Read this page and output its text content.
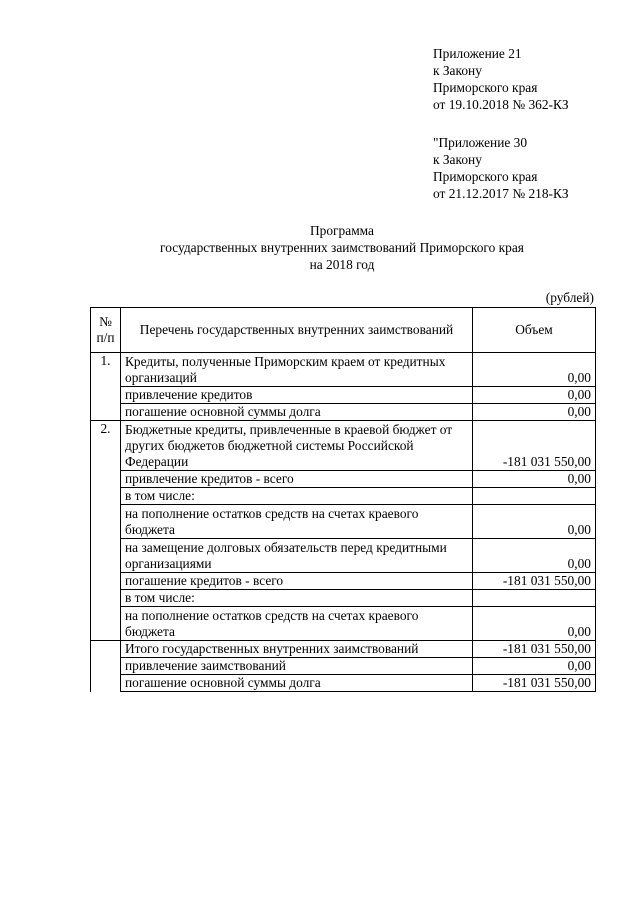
Приложение 21
к Закону
Приморского края
от 19.10.2018 № 362-КЗ
"Приложение 30
к Закону
Приморского края
от 21.12.2017 № 218-КЗ
Программа
государственных внутренних заимствований Приморского края
на 2018 год
(рублей)
№ п/п	Перечень государственных внутренних заимствований	Объем
1.	Кредиты, полученные Приморским краем от кредитных организаций	0,00
	привлечение кредитов	0,00
	погашение основной суммы долга	0,00
2.	Бюджетные кредиты, привлеченные в краевой бюджет от других бюджетов бюджетной системы Российской Федерации	-181 031 550,00
	привлечение кредитов - всего	0,00
	в том числе:	
	на пополнение остатков средств на счетах краевого бюджета	0,00
	на замещение долговых обязательств перед кредитными организациями	0,00
	погашение кредитов - всего	-181 031 550,00
	в том числе:	
	на пополнение остатков средств на счетах краевого бюджета	0,00
	Итого государственных внутренних заимствований	-181 031 550,00
	привлечение заимствований	0,00
	погашение основной суммы долга	-181 031 550,00
